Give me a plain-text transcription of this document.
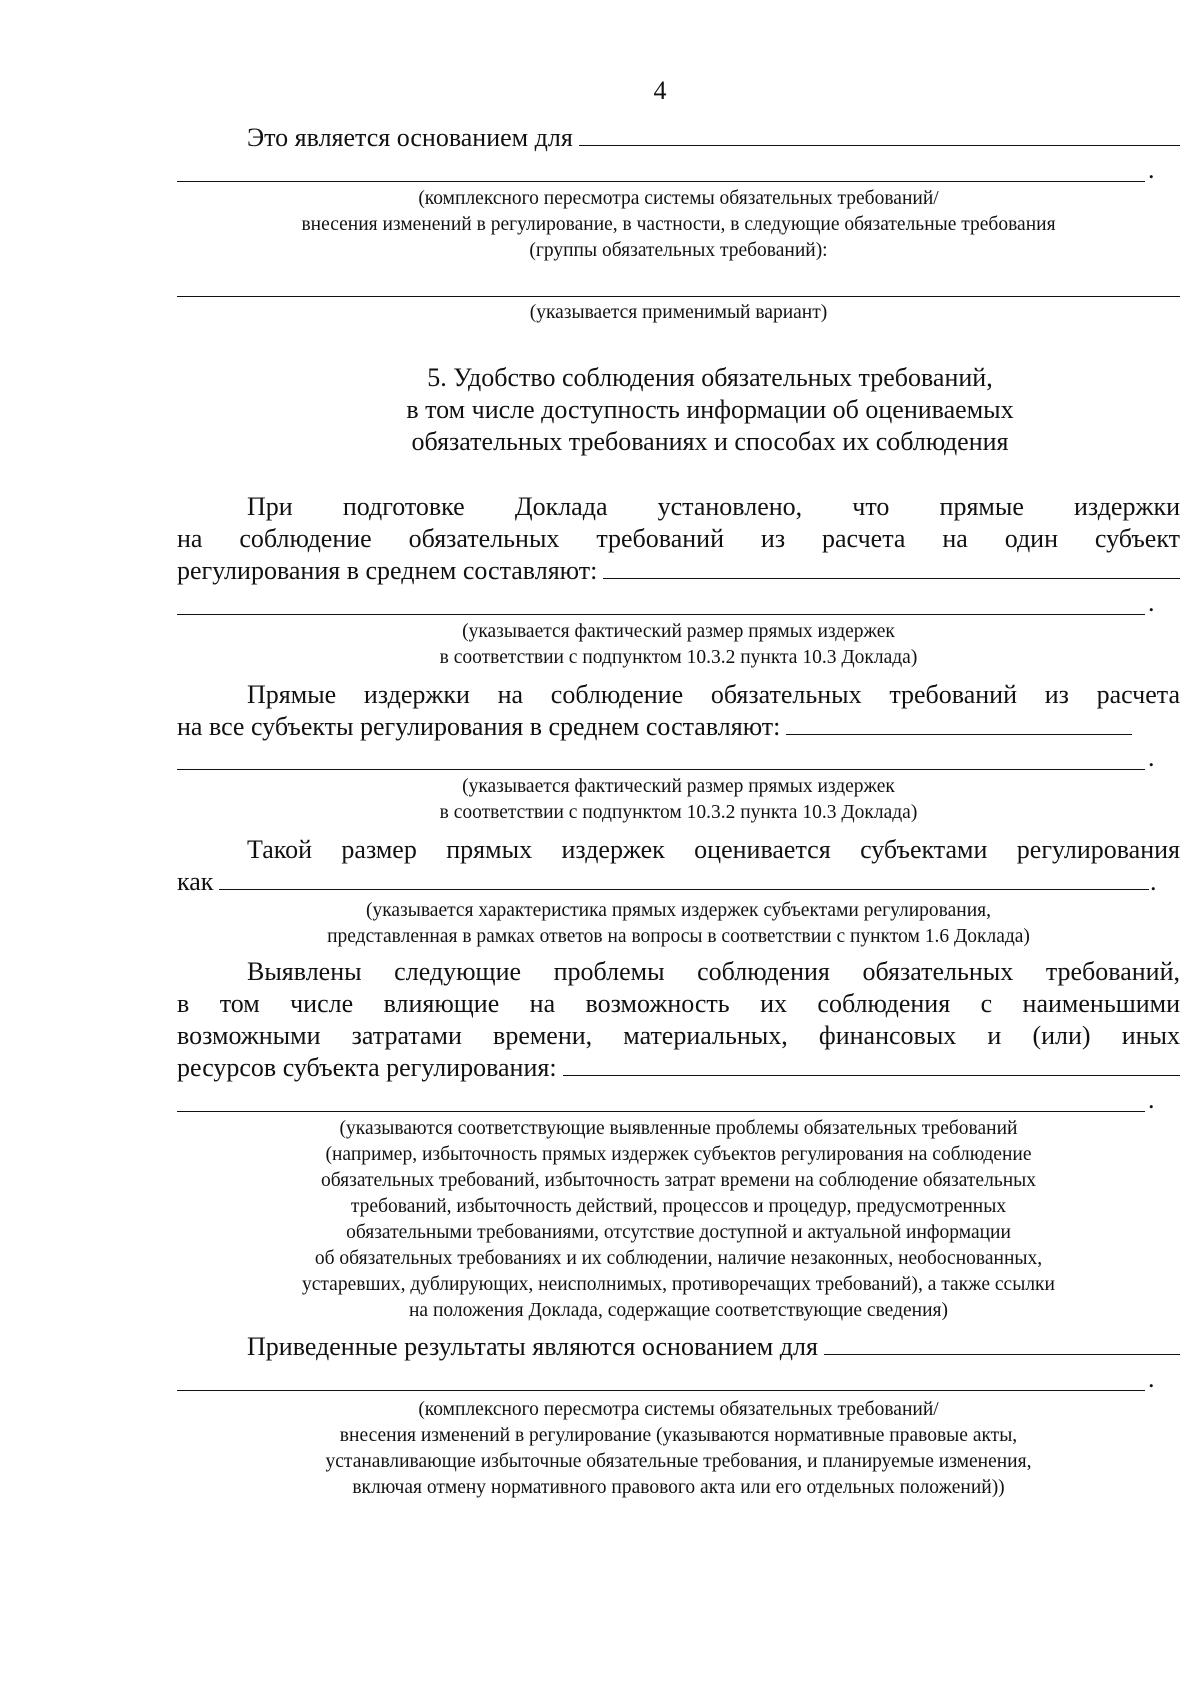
4
Это является основанием для
.
(комплексного пересмотра системы обязательных требований/
внесения изменений в регулирование, в частности, в следующие обязательные требования
(группы обязательных требований):
(указывается применимый вариант)
5. Удобство соблюдения обязательных требований,
в том числе доступность информации об оцениваемых
обязательных требованиях и способах их соблюдения
При подготовке Доклада установлено, что прямые издержки
на соблюдение обязательных требований из расчета на один субъект
регулирования в среднем составляют:
.
(указывается фактический размер прямых издержек
в соответствии с подпунктом 10.3.2 пункта 10.3 Доклада)
Прямые издержки на соблюдение обязательных требований из расчета
на все субъекты регулирования в среднем составляют:
.
(указывается фактический размер прямых издержек
в соответствии с подпунктом 10.3.2 пункта 10.3 Доклада)
Такой размер прямых издержек оценивается субъектами регулирования
как	.
(указывается характеристика прямых издержек субъектами регулирования,
представленная в рамках ответов на вопросы в соответствии с пунктом 1.6 Доклада)
Выявлены следующие проблемы соблюдения обязательных требований,
в том числе влияющие на возможность их соблюдения с наименьшими
возможными затратами времени, материальных, финансовых и (или) иных
ресурсов субъекта регулирования:
.
(указываются соответствующие выявленные проблемы обязательных требований
(например, избыточность прямых издержек субъектов регулирования на соблюдение
обязательных требований, избыточность затрат времени на соблюдение обязательных
требований, избыточность действий, процессов и процедур, предусмотренных
обязательными требованиями, отсутствие доступной и актуальной информации
об обязательных требованиях и их соблюдении, наличие незаконных, необоснованных,
устаревших, дублирующих, неисполнимых, противоречащих требований), а также ссылки
на положения Доклада, содержащие соответствующие сведения)
Приведенные результаты являются основанием для
.
(комплексного пересмотра системы обязательных требований/
внесения изменений в регулирование (указываются нормативные правовые акты,
устанавливающие избыточные обязательные требования, и планируемые изменения,
включая отмену нормативного правового акта или его отдельных положений))
